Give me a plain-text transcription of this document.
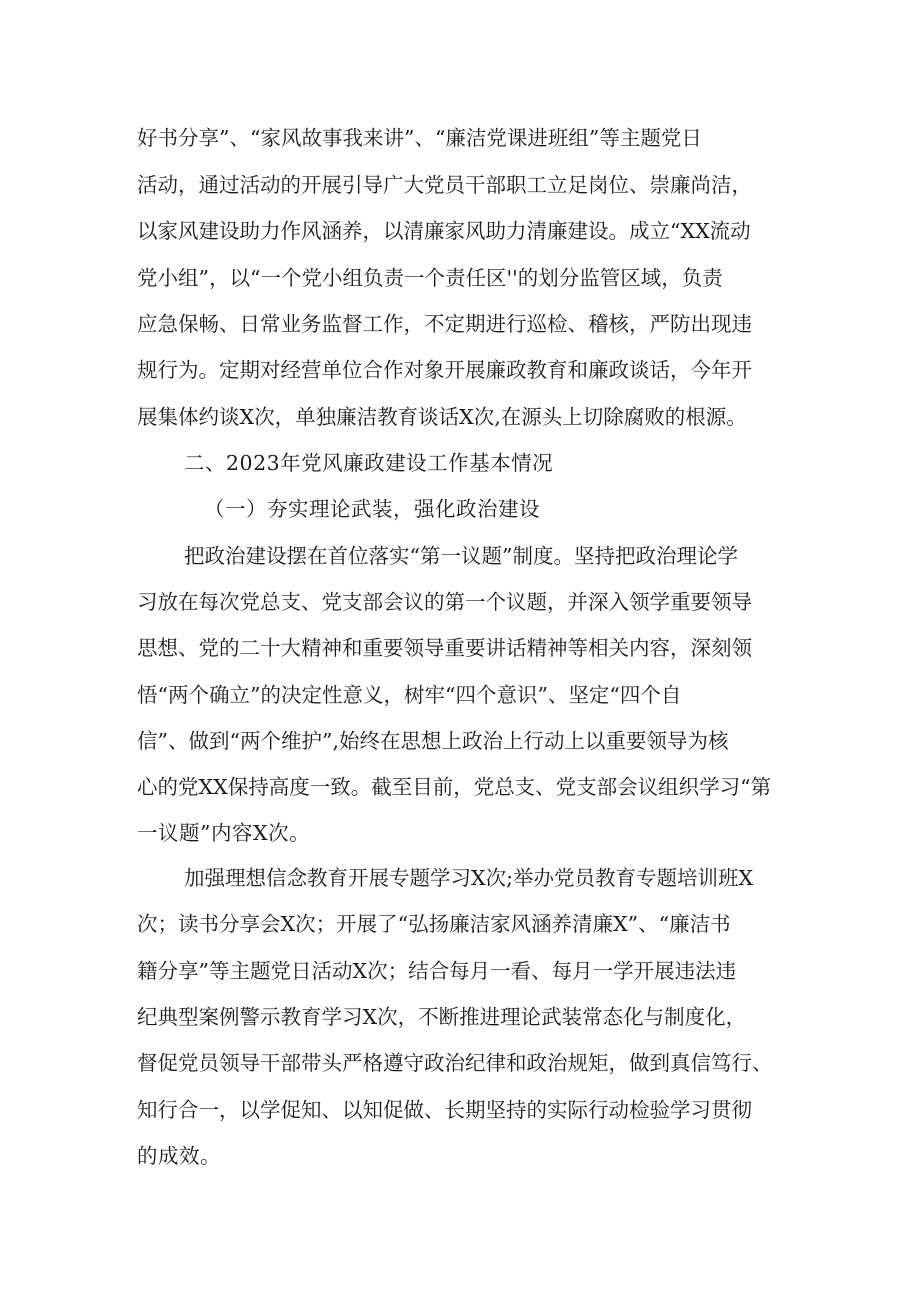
好书分享”、“家风故事我来讲”、“廉洁党课进班组”等主题党日
活动，通过活动的开展引导广大党员干部职工立足岗位、崇廉尚洁，
以家风建设助力作风涵养，以清廉家风助力清廉建设。成立“XX流动
党小组”，以“一个党小组负责一个责任区''的划分监管区域，负责
应急保畅、日常业务监督工作，不定期进行巡检、稽核，严防出现违
规行为。定期对经营单位合作对象开展廉政教育和廉政谈话，今年开
展集体约谈X次，单独廉洁教育谈话X次,在源头上切除腐败的根源。
二、2023年党风廉政建设工作基本情况
（一）夯实理论武装，强化政治建设
把政治建设摆在首位落实“第一议题”制度。坚持把政治理论学
习放在每次党总支、党支部会议的第一个议题，并深入领学重要领导
思想、党的二十大精神和重要领导重要讲话精神等相关内容，深刻领
悟“两个确立”的决定性意义，树牢“四个意识”、坚定“四个自
信”、做到“两个维护”,始终在思想上政治上行动上以重要领导为核
心的党XX保持高度一致。截至目前，党总支、党支部会议组织学习“第
一议题”内容X次。
加强理想信念教育开展专题学习X次;举办党员教育专题培训班X
次；读书分享会X次；开展了“弘扬廉洁家风涵养清廉X”、“廉洁书
籍分享”等主题党日活动X次；结合每月一看、每月一学开展违法违
纪典型案例警示教育学习X次，不断推进理论武装常态化与制度化，
督促党员领导干部带头严格遵守政治纪律和政治规矩，做到真信笃行、
知行合一，以学促知、以知促做、长期坚持的实际行动检验学习贯彻
的成效。
